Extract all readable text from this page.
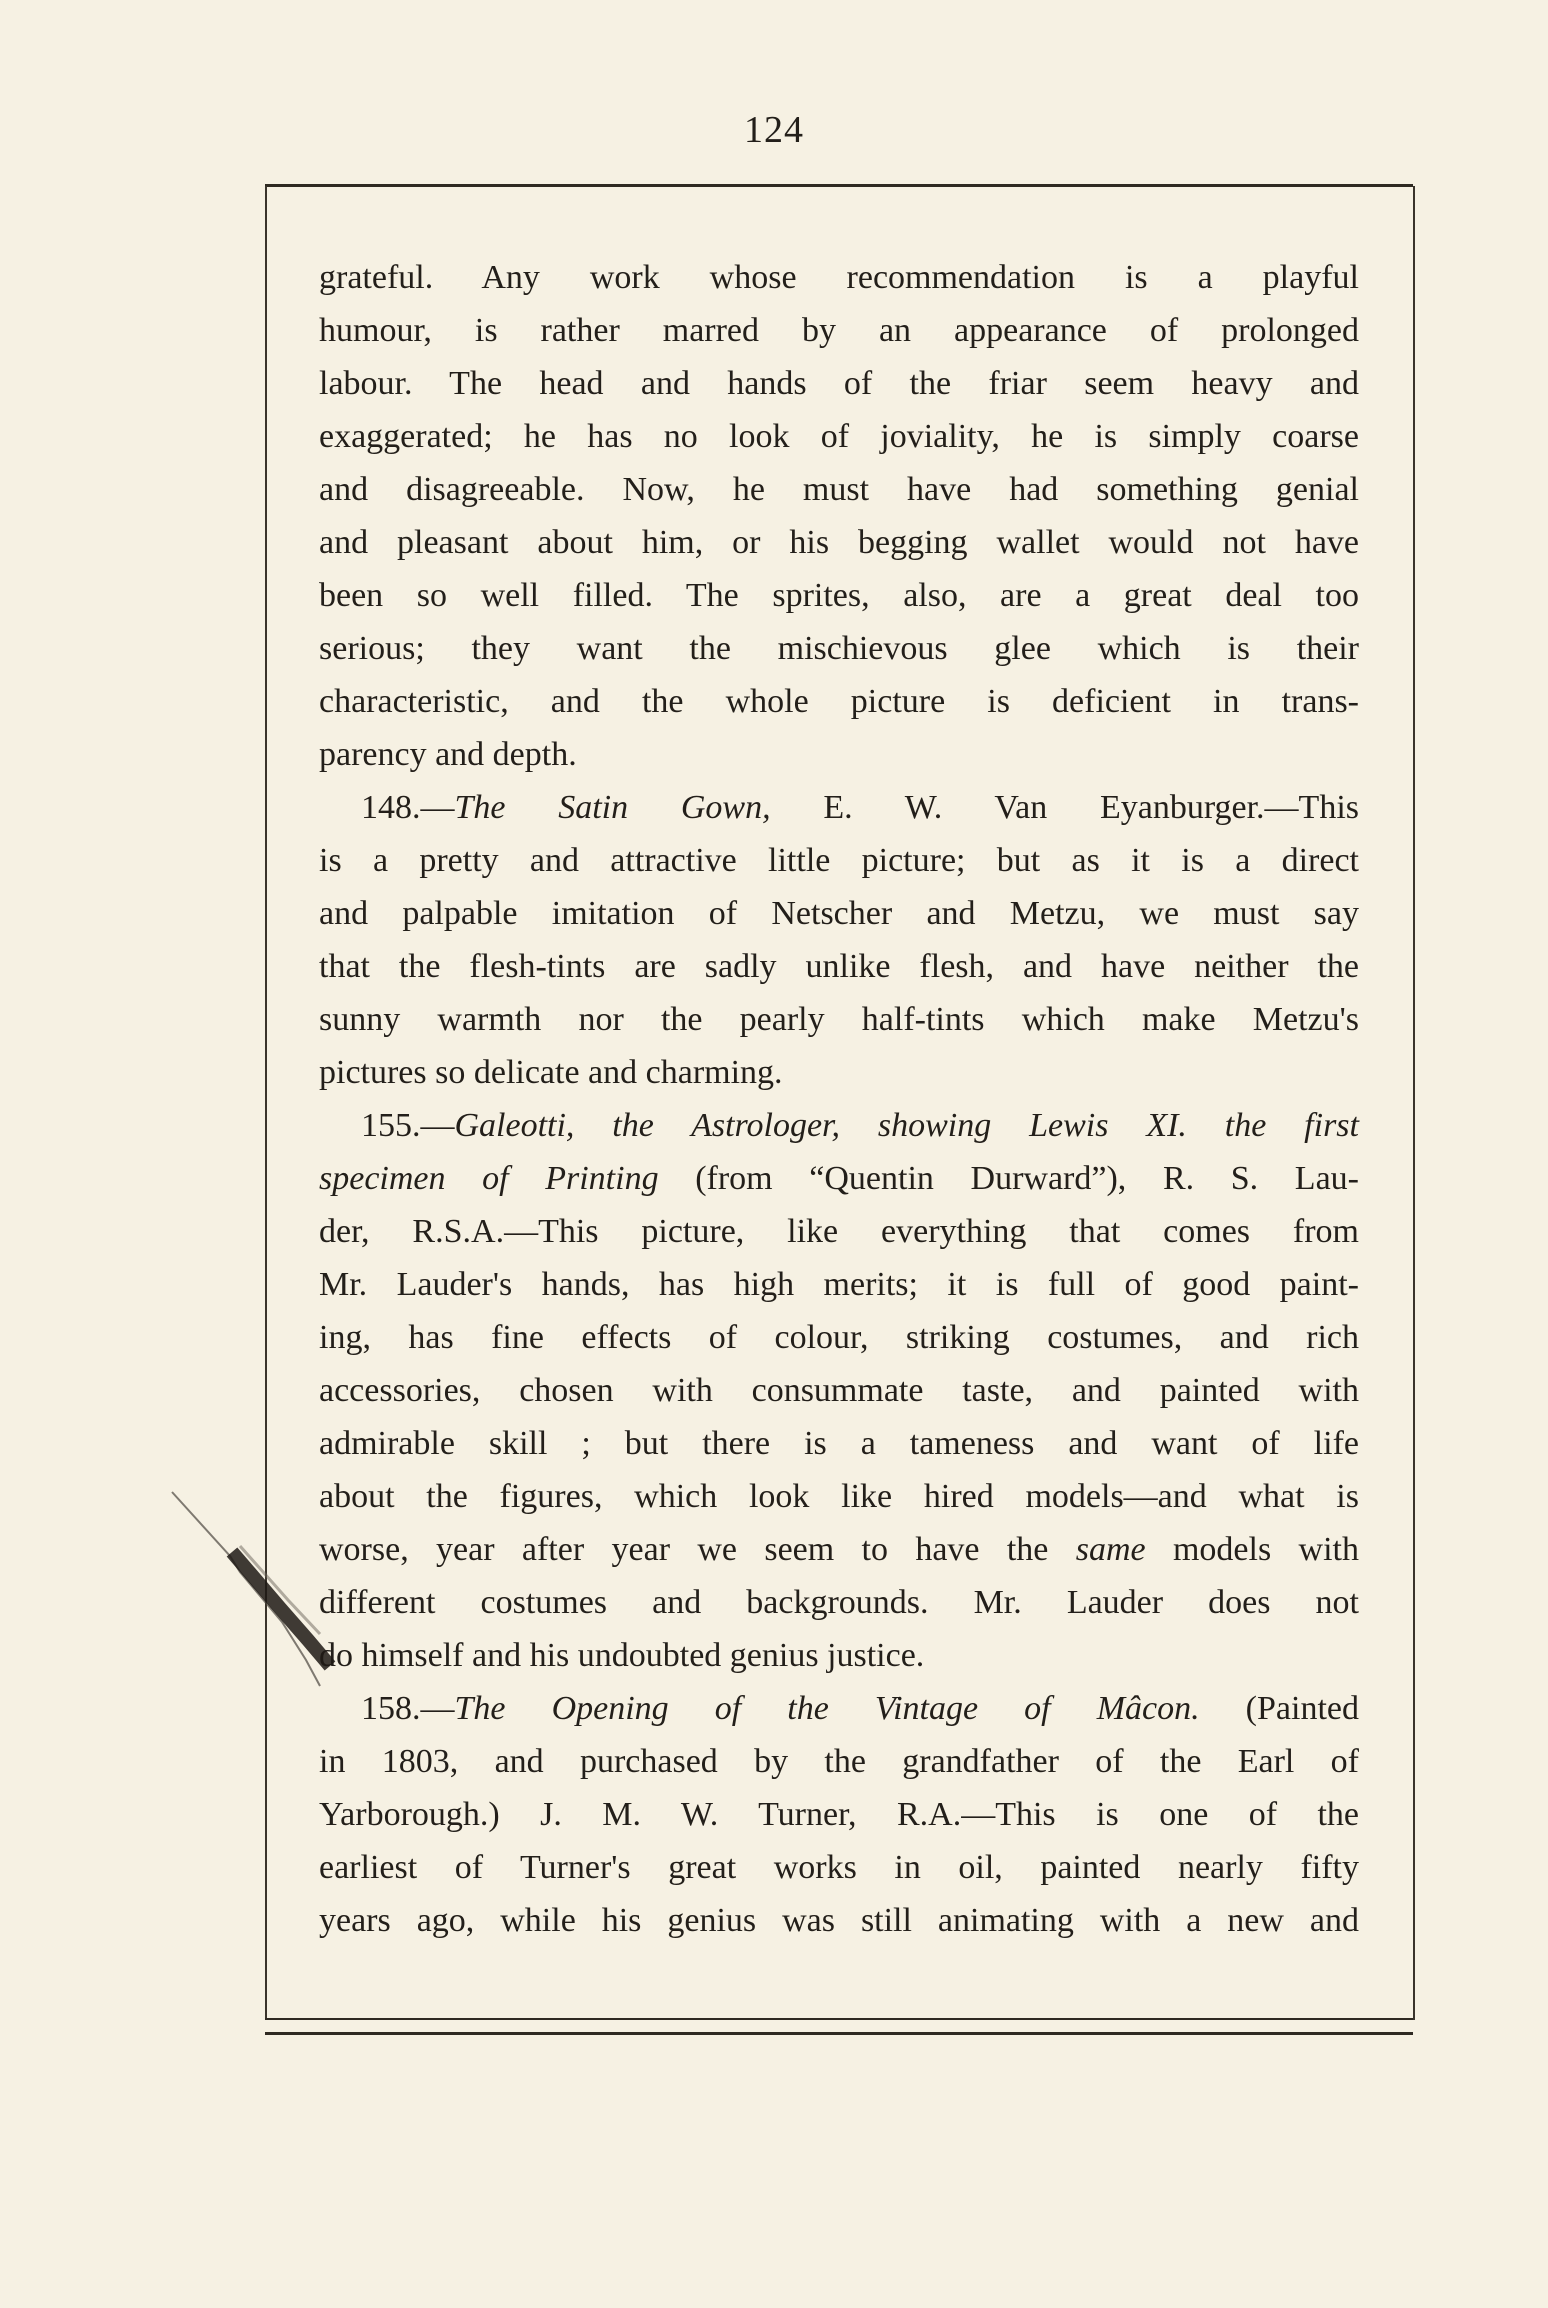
124
grateful. Any work whose recommendation is a playful
humour, is rather marred by an appearance of prolonged
labour. The head and hands of the friar seem heavy and
exaggerated; he has no look of joviality, he is simply coarse
and disagreeable. Now, he must have had something genial
and pleasant about him, or his begging wallet would not have
been so well filled. The sprites, also, are a great deal too
serious; they want the mischievous glee which is their
characteristic, and the whole picture is deficient in trans-
parency and depth.
148.—The Satin Gown, E. W. Van Eyanburger.—This
is a pretty and attractive little picture; but as it is a direct
and palpable imitation of Netscher and Metzu, we must say
that the flesh-tints are sadly unlike flesh, and have neither the
sunny warmth nor the pearly half-tints which make Metzu's
pictures so delicate and charming.
155.—Galeotti, the Astrologer, showing Lewis XI. the first
specimen of Printing (from “Quentin Durward”), R. S. Lau-
der, R.S.A.—This picture, like everything that comes from
Mr. Lauder's hands, has high merits; it is full of good paint-
ing, has fine effects of colour, striking costumes, and rich
accessories, chosen with consummate taste, and painted with
admirable skill ; but there is a tameness and want of life
about the figures, which look like hired models—and what is
worse, year after year we seem to have the same models with
different costumes and backgrounds. Mr. Lauder does not
do himself and his undoubted genius justice.
158.—The Opening of the Vintage of Mâcon. (Painted
in 1803, and purchased by the grandfather of the Earl of
Yarborough.) J. M. W. Turner, R.A.—This is one of the
earliest of Turner's great works in oil, painted nearly fifty
years ago, while his genius was still animating with a new and
